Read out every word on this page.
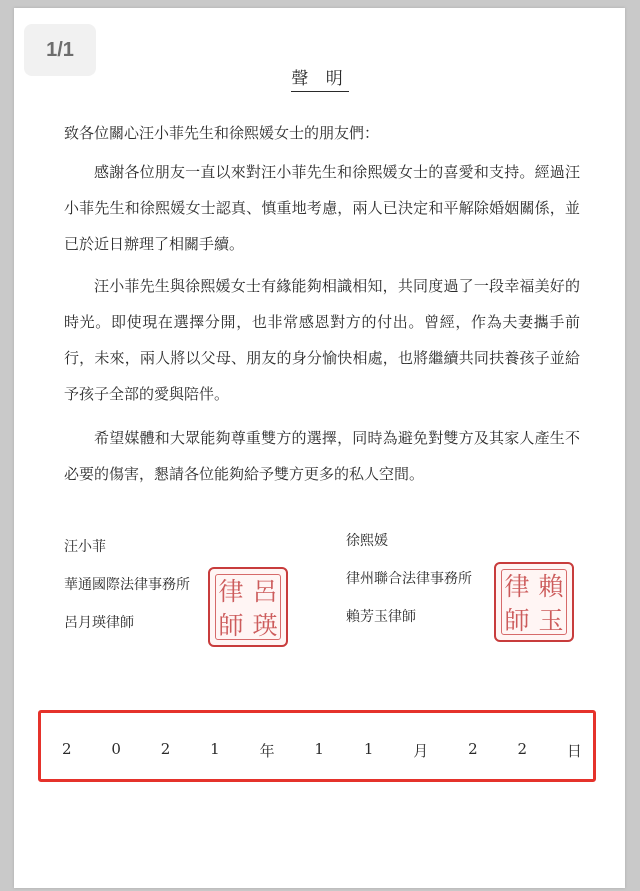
1/1
聲 明
致各位關心汪小菲先生和徐熙媛女士的朋友們：

感謝各位朋友一直以來對汪小菲先生和徐熙媛女士的喜愛和支持。經過汪小菲先生和徐熙媛女士認真、慎重地考慮，兩人已決定和平解除婚姻關係，並已於近日辦理了相關手續。

汪小菲先生與徐熙媛女士有緣能夠相識相知，共同度過了一段幸福美好的時光。即使現在選擇分開，也非常感恩對方的付出。曾經，作為夫妻攜手前行，未來，兩人將以父母、朋友的身分愉快相處，也將繼續共同扶養孩子並給予孩子全部的愛與陪伴。

希望媒體和大眾能夠尊重雙方的選擇，同時為避免對雙方及其家人產生不必要的傷害，懇請各位能夠給予雙方更多的私人空間。

汪小菲
華通國際法律事務所
呂月瑛律師
律 呂
師 瑛
徐熙媛
律州聯合法律事務所
賴芳玉律師
律 賴
師 玉
2	0	2	1	年	1	1	月	2	2	日
